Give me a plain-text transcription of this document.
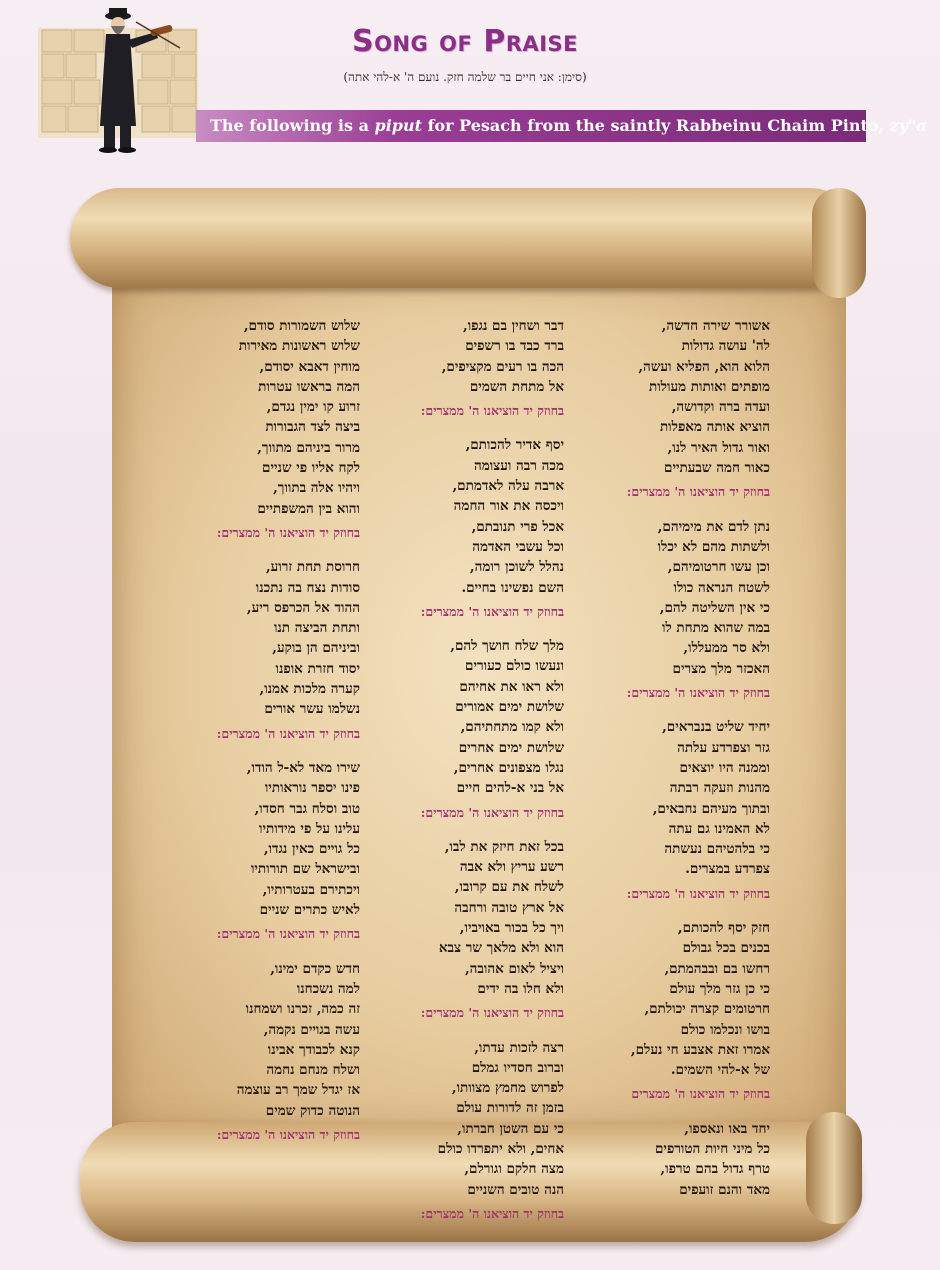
Song of Praise
(סימן: אני חיים בר שלמה חזק. נועם ה' א-להי אתה)
The following is a piput for Pesach from the saintly Rabbeinu Chaim Pinto, zy"a
אשורר שירה חדשה,
לה' עושה גדולות
הלוא הוא, הפליא ועשה,
מופתים ואותות מעולות
ועדה ברה וקדושה,
הוציא אותה מאפלות
ואור גדול האיר לנו,
כאור חמה שבעתיים
בחוזק יד הוציאנו ה' ממצרים:
נתן לדם את מימיהם,
ולשתות מהם לא יכלו
וכן עשו חרטומיהם,
לשטח הנראה כולו
כי אין השליטה להם,
במה שהוא מתחת לו
ולא סר ממעללו,
האכזר מלך מצרים
בחוזק יד הוציאנו ה' ממצרים:
יחיד שליט בנבראים,
גזר וצפרדע עלתה
וממנה היו יוצאים
מהנות וזעקה רבתה
ובתוך מעיהם נחבאים,
לא האמינו גם עתה
כי בלהטיהם נעשתה
צפרדע במצרים.
בחוזק יד הוציאנו ה' ממצרים:
חזק יסף להכותם,
בכנים בכל גבולם
רחשו בם ובבהמתם,
כי כן גזר מלך עולם
חרטומים קצרה יכולתם,
בושו ונכלמו כולם
אמרו זאת אצבע חי נעלם,
של א-להי השמים.
בחוזק יד הוציאנו ה' ממצרים
יחד באו ונאספו,
כל מיני חיות הטורפים
טרף גדול בהם טרפו,
מאד והנם זועפים
דבר ושחין בם נגפו,
ברד כבד בו רשפים
הכה בו רעים מקציפים,
אל מתחת השמים
בחוזק יד הוציאנו ה' ממצרים:
יסף אדיר להכותם,
מכה רבה ועצומה
ארבה עלה לאדמתם,
ויכסה את אור החמה
אכל פרי תנובתם,
וכל עשבי האדמה
נהלל לשוכן רומה,
השם נפשינו בחיים.
בחוזק יד הוציאנו ה' ממצרים:
מלך שלח חושך להם,
ונעשו כולם כעורים
ולא ראו את אחיהם
שלושת ימים אמורים
ולא קמו מתחתיהם,
שלושת ימים אחרים
נגלו מצפונים אחרים,
אל בני א-להים חיים
בחוזק יד הוציאנו ה' ממצרים:
בכל זאת חיזק את לבו,
רשע עריץ ולא אבה
לשלח את עם קרובו,
אל ארץ טובה ורחבה
ויך כל בכור באויביו,
הוא ולא מלאך שר צבא
ויציל לאום אהובה,
ולא חלו בה ידים
בחוזק יד הוציאנו ה' ממצרים:
רצה לזכות עדתו,
וברוב חסדיו גמלם
לפרוש מחמץ מצוותו,
בזמן זה לדורות עולם
כי עם השטן חברתו,
אחים, ולא יתפרדו כולם
מצה חלקם וגורלם,
הנה טובים השניים
בחוזק יד הוציאנו ה' ממצרים:
שלוש השמורות סודם,
שלוש ראשונות מאירות
מוחין דאבא יסודם,
המה בראשו עטרות
זרוע קו ימין נגדם,
ביצה לצד הגבורות
מרור ביניהם מתווך,
לקח אליו פי שניים
ויהיו אלה בתווך,
והוא בין המשפתיים
בחוזק יד הוציאנו ה' ממצרים:
חרוסת תחת זרוע,
סודות נצח בה נתכנו
ההוד אל הכרפס ריע,
ותחת הביצה תנו
וביניהם הן בוקע,
יסוד חזרת אופנו
קערה מלכות אמנו,
נשלמו עשר אורים
בחוזק יד הוציאנו ה' ממצרים:
שירו מאד לא-ל הודו,
פינו יספר נוראותיו
טוב וסלח גבר חסדו,
עלינו על פי מידותיו
כל גויים כאין נגדו,
ובישראל שם תורותיו
ויכתירם בעטרותיו,
לאיש כתרים שניים
בחוזק יד הוציאנו ה' ממצרים:
חדש כקדם ימינו,
למה נשכחנו
זה כמה, זכרנו ושמחנו
עשה בגויים נקמה,
קנא לכבודך אבינו
ושלח מנחם נחמה
אז יגדל שמך רב עוצמה
הנוטה כדוק שמים
בחוזק יד הוציאנו ה' ממצרים:
